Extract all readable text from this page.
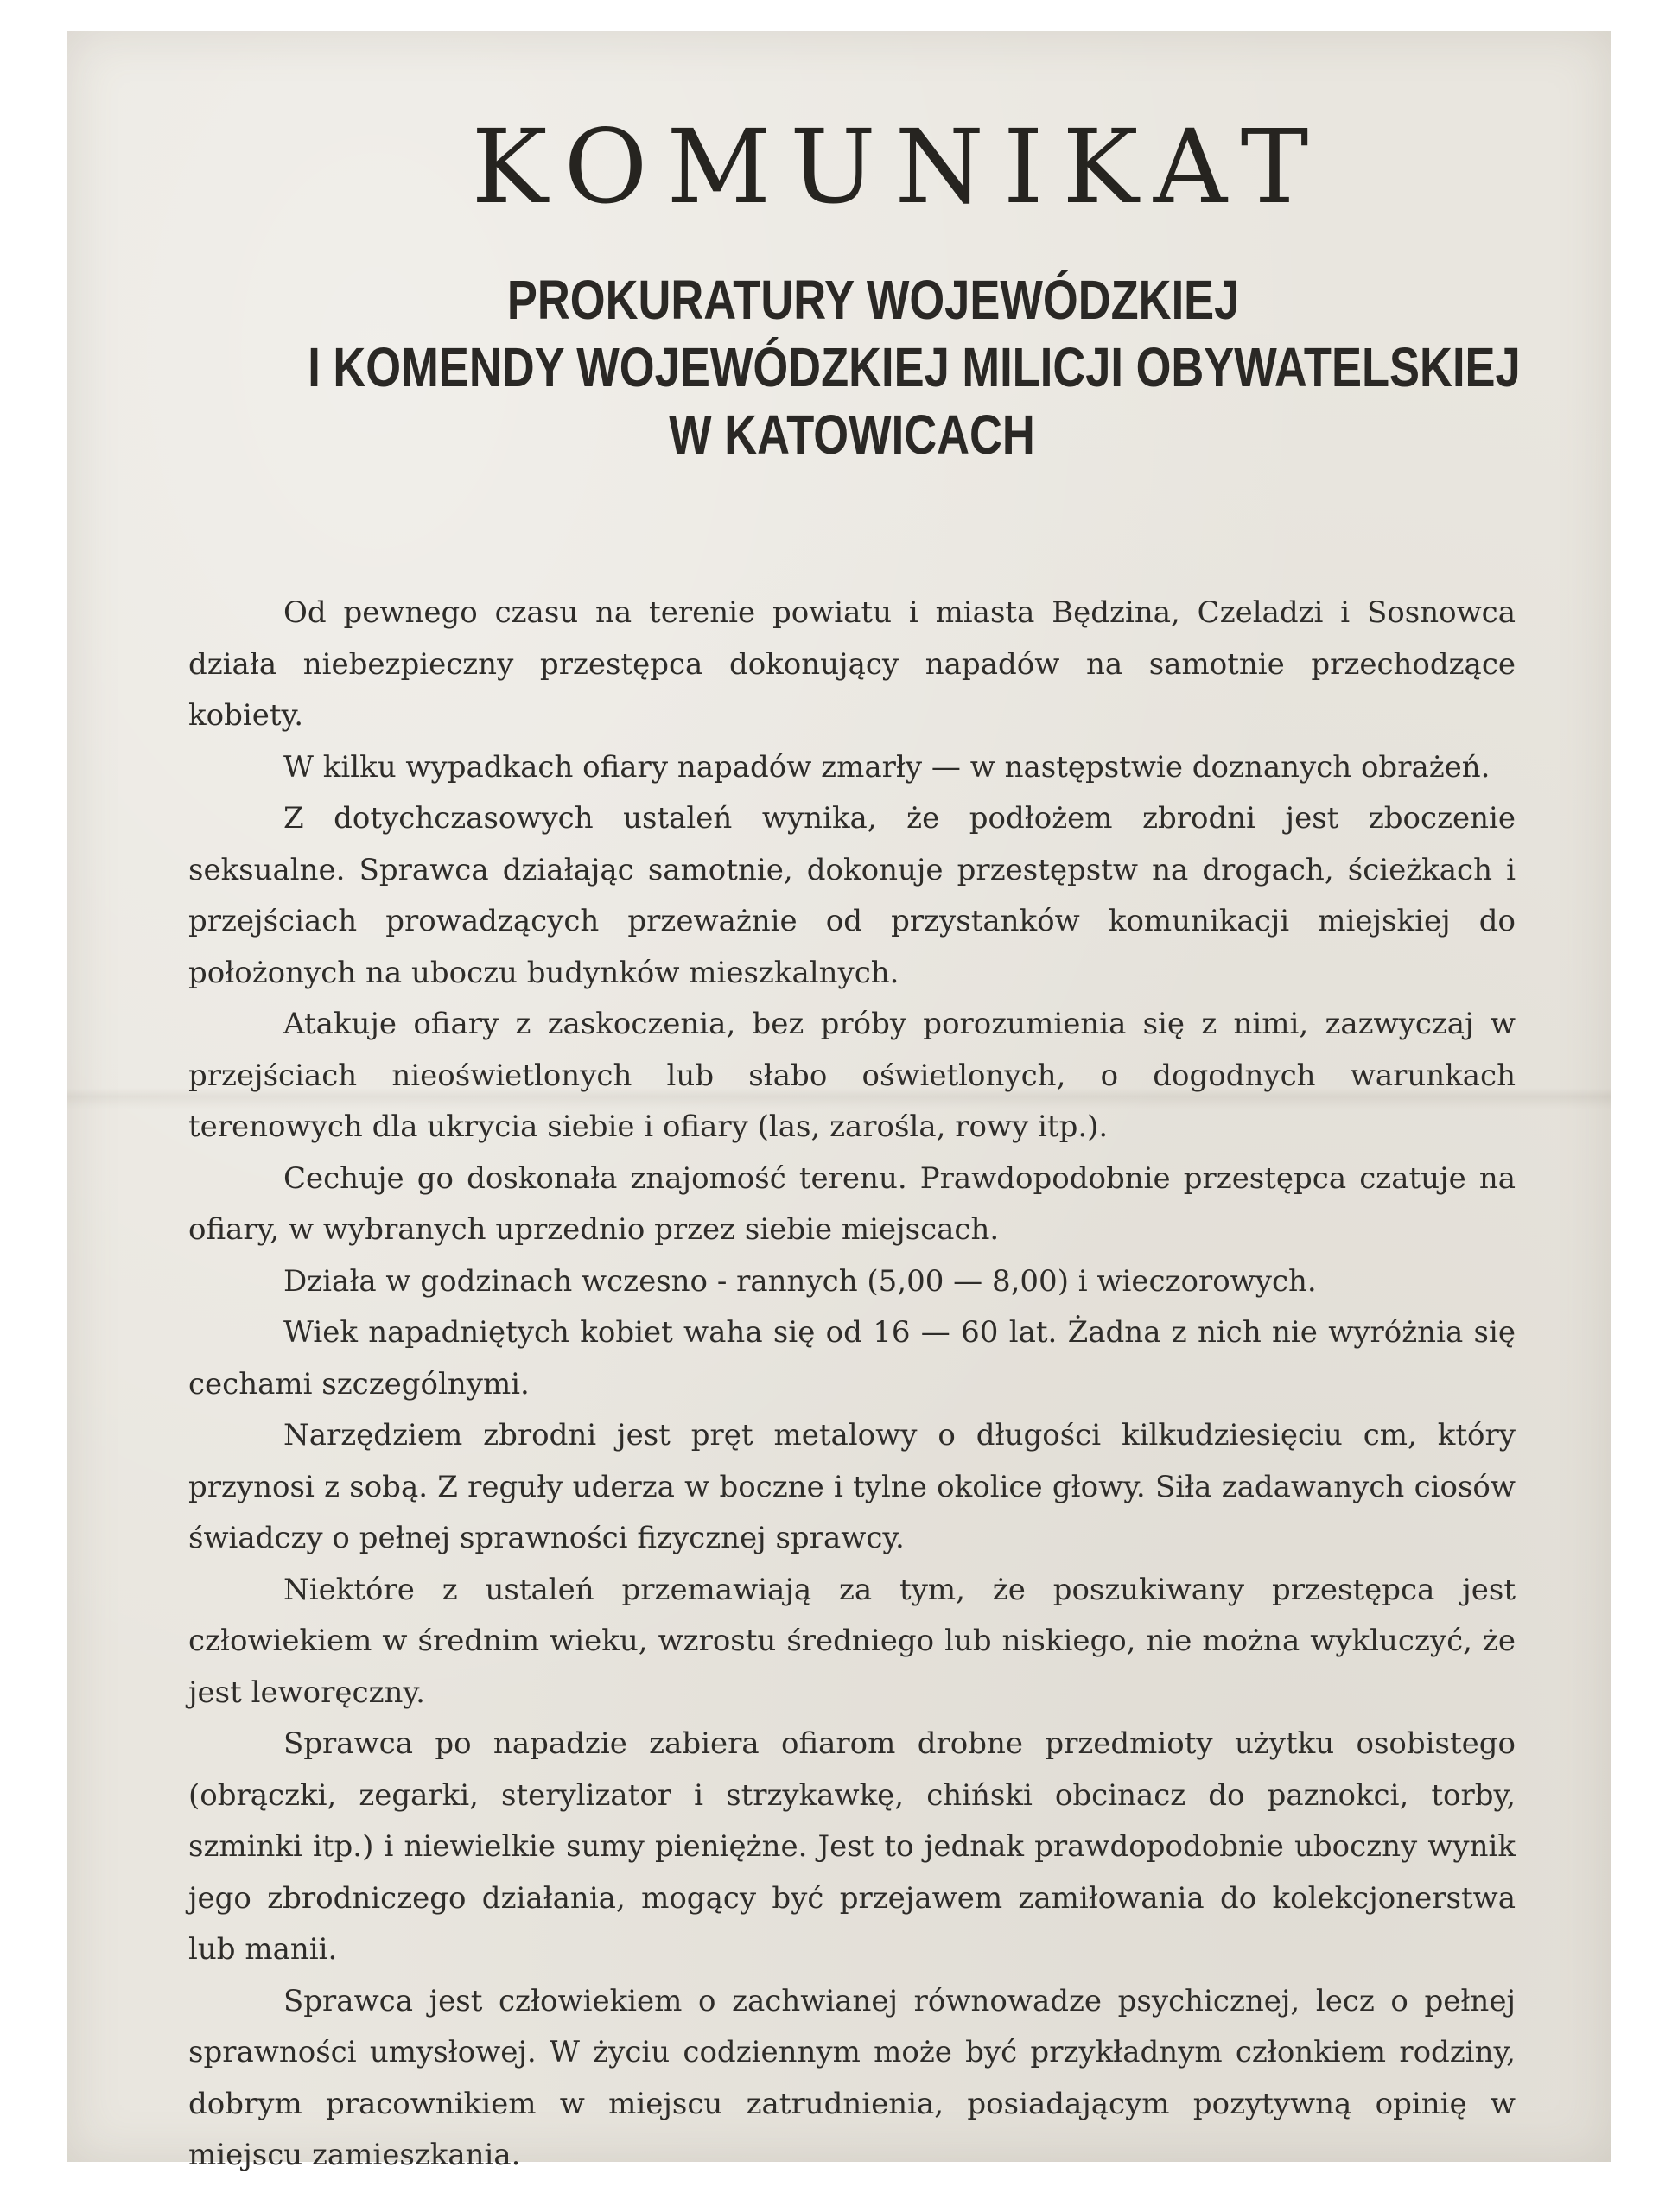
KOMUNIKAT
PROKURATURY WOJEWÓDZKIEJ
I KOMENDY WOJEWÓDZKIEJ MILICJI OBYWATELSKIEJ
W KATOWICACH

Od pewnego czasu na terenie powiatu i miasta Będzina, Czeladzi i Sosnowca działa niebezpieczny przestępca dokonujący napadów na samotnie przechodzące kobiety.

W kilku wypadkach ofiary napadów zmarły — w następstwie doznanych obrażeń.

Z dotychczasowych ustaleń wynika, że podłożem zbrodni jest zboczenie seksualne. Sprawca działając samotnie, dokonuje przestępstw na drogach, ścieżkach i przejściach prowadzących przeważnie od przystanków komunikacji miejskiej do położonych na uboczu budynków mieszkalnych.

Atakuje ofiary z zaskoczenia, bez próby porozumienia się z nimi, zazwyczaj w przejściach nieoświetlonych lub słabo oświetlonych, o dogodnych warunkach terenowych dla ukrycia siebie i ofiary (las, zarośla, rowy itp.).

Cechuje go doskonała znajomość terenu. Prawdopodobnie przestępca czatuje na ofiary, w wybranych uprzednio przez siebie miejscach.

Działa w godzinach wczesno - rannych (5,00 — 8,00) i wieczorowych.

Wiek napadniętych kobiet waha się od 16 — 60 lat. Żadna z nich nie wyróżnia się cechami szczególnymi.

Narzędziem zbrodni jest pręt metalowy o długości kilkudziesięciu cm, który przynosi z sobą. Z reguły uderza w boczne i tylne okolice głowy. Siła zadawanych ciosów świadczy o pełnej sprawności fizycznej sprawcy.

Niektóre z ustaleń przemawiają za tym, że poszukiwany przestępca jest człowiekiem w średnim wieku, wzrostu średniego lub niskiego, nie można wykluczyć, że jest leworęczny.

Sprawca po napadzie zabiera ofiarom drobne przedmioty użytku osobistego (obrączki, zegarki, sterylizator i strzykawkę, chiński obcinacz do paznokci, torby, szminki itp.) i niewielkie sumy pieniężne. Jest to jednak prawdopodobnie uboczny wynik jego zbrodniczego działania, mogący być przejawem zamiłowania do kolekcjonerstwa lub manii.

Sprawca jest człowiekiem o zachwianej równowadze psychicznej, lecz o pełnej sprawności umysłowej. W życiu codziennym może być przykładnym członkiem rodziny, dobrym pracownikiem w miejscu zatrudnienia, posiadającym pozytywną opinię w miejscu zamieszkania.
